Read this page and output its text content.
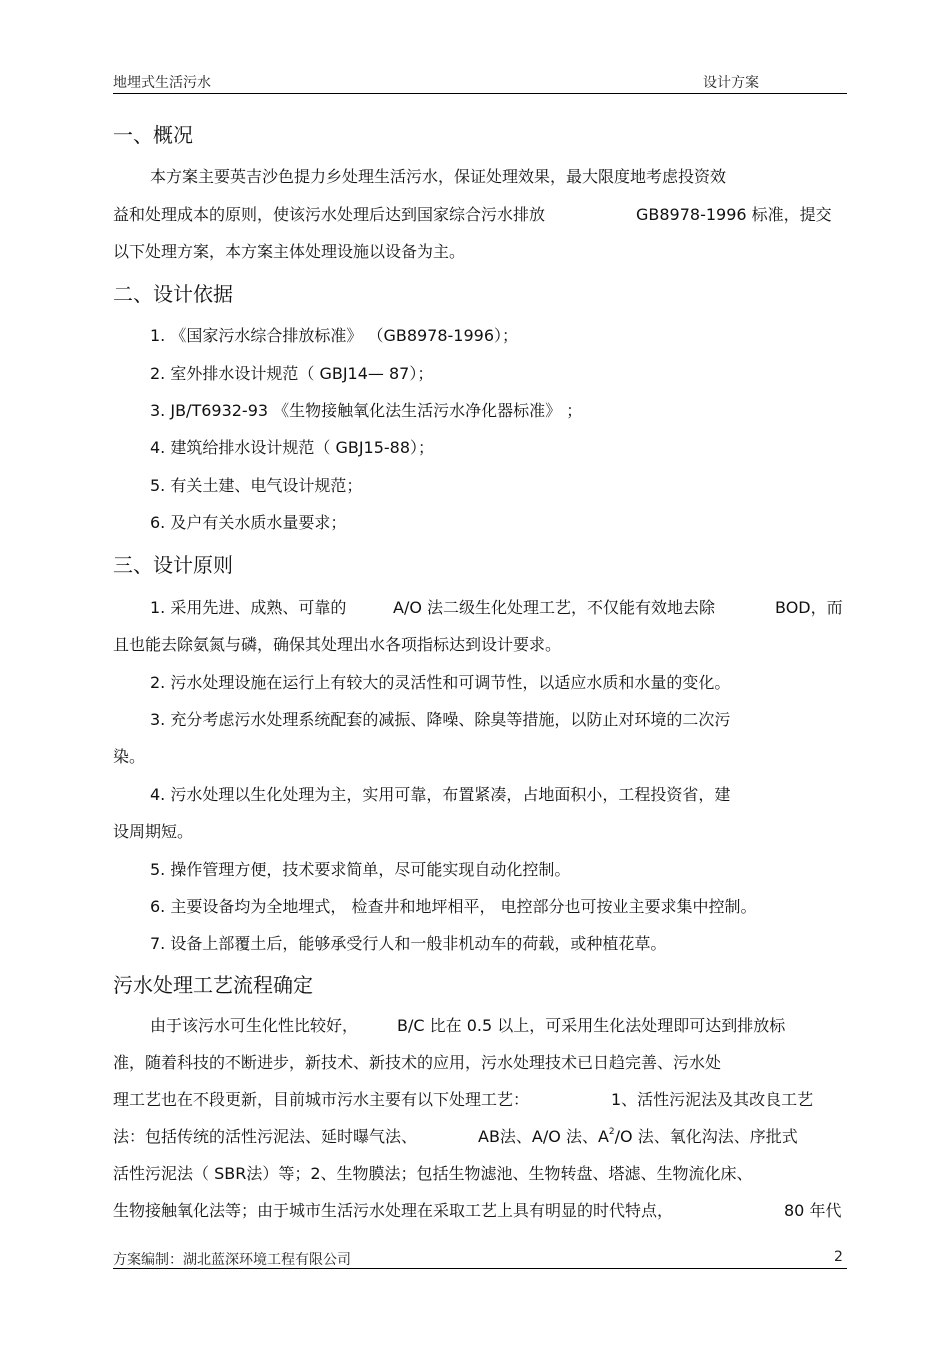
地埋式生活污水	设计方案
一、概况
本方案主要英吉沙色提力乡处理生活污水，保证处理效果，最大限度地考虑投资效
益和处理成本的原则，使该污水处理后达到国家综合污水排放	GB8978-1996 标准，提交
以下处理方案，本方案主体处理设施以设备为主。
二、设计依据
1. 《国家污水综合排放标准》 （GB8978-1996）；
2. 室外排水设计规范（ GBJ14— 87）；
3. JB/T6932-93 《生物接触氧化法生活污水净化器标准》 ；
4. 建筑给排水设计规范（ GBJ15-88）；
5. 有关土建、电气设计规范；
6. 及户有关水质水量要求；
三、设计原则
1. 采用先进、成熟、可靠的	A/O 法二级生化处理工艺，不仅能有效地去除	BOD，而
且也能去除氨氮与磷，确保其处理出水各项指标达到设计要求。
2. 污水处理设施在运行上有较大的灵活性和可调节性，以适应水质和水量的变化。
3. 充分考虑污水处理系统配套的减振、降噪、除臭等措施，以防止对环境的二次污
染。
4. 污水处理以生化处理为主，实用可靠，布置紧凑，占地面积小，工程投资省，建
设周期短。
5. 操作管理方便，技术要求简单，尽可能实现自动化控制。
6. 主要设备均为全地埋式， 检查井和地坪相平， 电控部分也可按业主要求集中控制。
7. 设备上部覆土后，能够承受行人和一般非机动车的荷载，或种植花草。
污水处理工艺流程确定
由于该污水可生化性比较好， B/C 比在 0.5 以上，可采用生化法处理即可达到排放标
准，随着科技的不断进步，新技术、新技术的应用，污水处理技术已日趋完善、污水处
理工艺也在不段更新，目前城市污水主要有以下处理工艺：	1、活性污泥法及其改良工艺
法：包括传统的活性污泥法、延时曝气法、	AB法、A/O 法、$A^2/O$ 法、氧化沟法、序批式
活性污泥法（ SBR法）等；2、生物膜法；包括生物滤池、生物转盘、塔滤、生物流化床、
生物接触氧化法等；由于城市生活污水处理在采取工艺上具有明显的时代特点，	80 年代
方案编制：湖北蓝深环境工程有限公司	2
